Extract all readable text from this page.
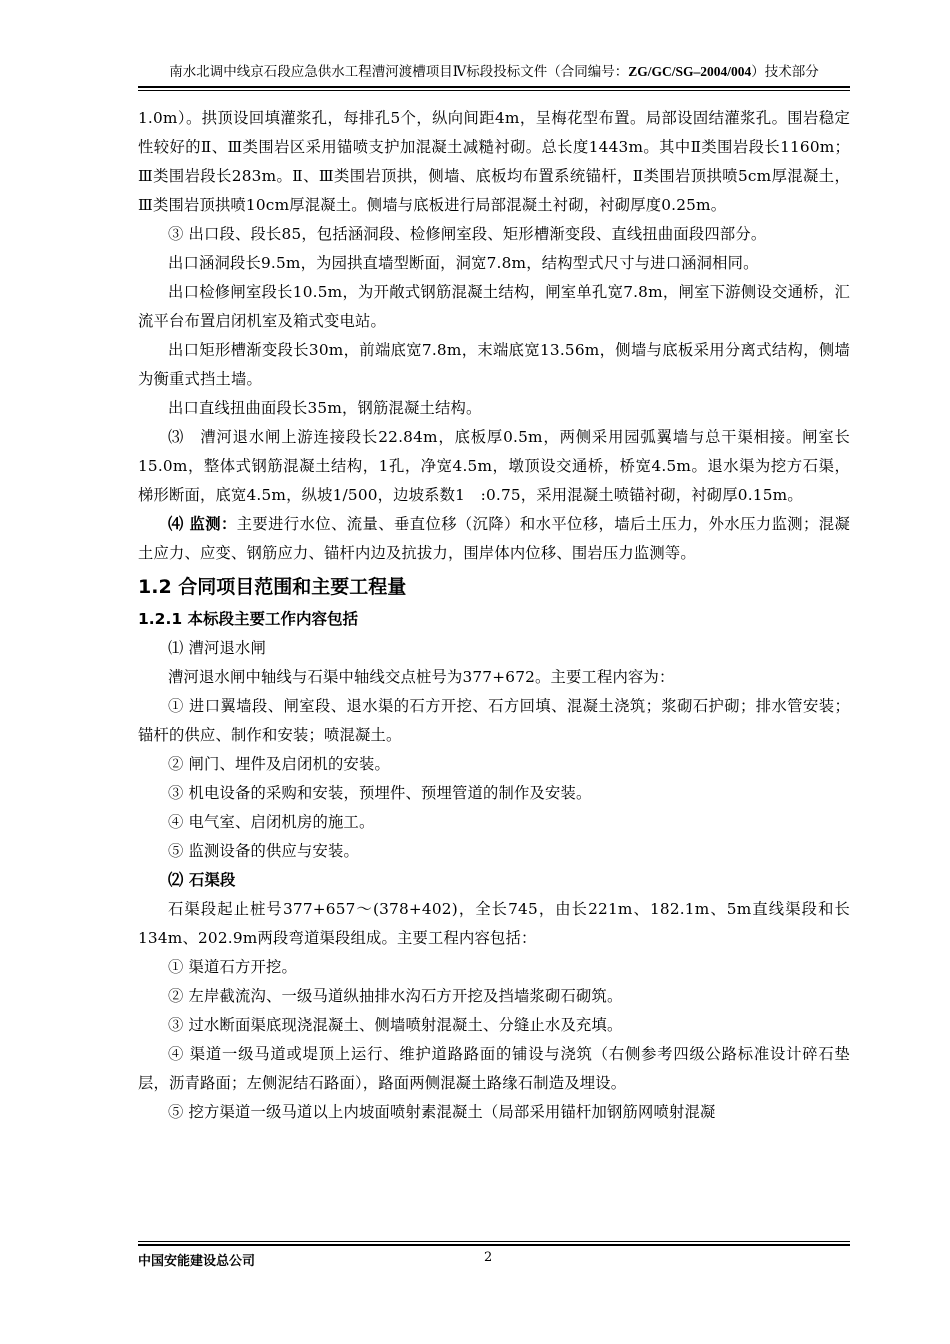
南水北调中线京石段应急供水工程漕河渡槽项目Ⅳ标段投标文件（合同编号：ZG/GC/SG–2004/004）技术部分

1.0m）。拱顶设回填灌浆孔，每排孔5个，纵向间距4m，呈梅花型布置。局部设固结灌浆孔。围岩稳定性较好的Ⅱ、Ⅲ类围岩区采用锚喷支护加混凝土减糙衬砌。总长度1443m。其中Ⅱ类围岩段长1160m；Ⅲ类围岩段长283m。Ⅱ、Ⅲ类围岩顶拱，侧墙、底板均布置系统锚杆，Ⅱ类围岩顶拱喷5cm厚混凝土，Ⅲ类围岩顶拱喷10cm厚混凝土。侧墙与底板进行局部混凝土衬砌，衬砌厚度0.25m。

③ 出口段、段长85，包括涵洞段、检修闸室段、矩形槽渐变段、直线扭曲面段四部分。

出口涵洞段长9.5m，为园拱直墙型断面，洞宽7.8m，结构型式尺寸与进口涵洞相同。

出口检修闸室段长10.5m，为开敞式钢筋混凝土结构，闸室单孔宽7.8m，闸室下游侧设交通桥，汇流平台布置启闭机室及箱式变电站。

出口矩形槽渐变段长30m，前端底宽7.8m，末端底宽13.56m，侧墙与底板采用分离式结构，侧墙为衡重式挡土墙。

出口直线扭曲面段长35m，钢筋混凝土结构。

⑶　漕河退水闸上游连接段长22.84m，底板厚0.5m，两侧采用园弧翼墙与总干渠相接。闸室长15.0m，整体式钢筋混凝土结构，1孔，净宽4.5m，墩顶设交通桥，桥宽4.5m。退水渠为挖方石渠，梯形断面，底宽4.5m，纵坡1/500，边坡系数1　:0.75，采用混凝土喷锚衬砌，衬砌厚0.15m。

⑷ 监测：主要进行水位、流量、垂直位移（沉降）和水平位移，墙后土压力，外水压力监测；混凝土应力、应变、钢筋应力、锚杆内边及抗拔力，围岸体内位移、围岩压力监测等。

1.2 合同项目范围和主要工程量
1.2.1 本标段主要工作内容包括

⑴ 漕河退水闸

漕河退水闸中轴线与石渠中轴线交点桩号为377+672。主要工程内容为：

① 进口翼墙段、闸室段、退水渠的石方开挖、石方回填、混凝土浇筑；浆砌石护砌；排水管安装；锚杆的供应、制作和安装；喷混凝土。

② 闸门、埋件及启闭机的安装。

③ 机电设备的采购和安装，预埋件、预埋管道的制作及安装。

④ 电气室、启闭机房的施工。

⑤ 监测设备的供应与安装。

⑵ 石渠段

石渠段起止桩号377+657～(378+402)，全长745，由长221m、182.1m、5m直线渠段和长134m、202.9m两段弯道渠段组成。主要工程内容包括：

① 渠道石方开挖。

② 左岸截流沟、一级马道纵抽排水沟石方开挖及挡墙浆砌石砌筑。

③ 过水断面渠底现浇混凝土、侧墙喷射混凝土、分缝止水及充填。

④ 渠道一级马道或堤顶上运行、维护道路路面的铺设与浇筑（右侧参考四级公路标准设计碎石垫层，沥青路面；左侧泥结石路面），路面两侧混凝土路缘石制造及埋设。

⑤ 挖方渠道一级马道以上内坡面喷射素混凝土（局部采用锚杆加钢筋网喷射混凝

中国安能建设总公司	2
